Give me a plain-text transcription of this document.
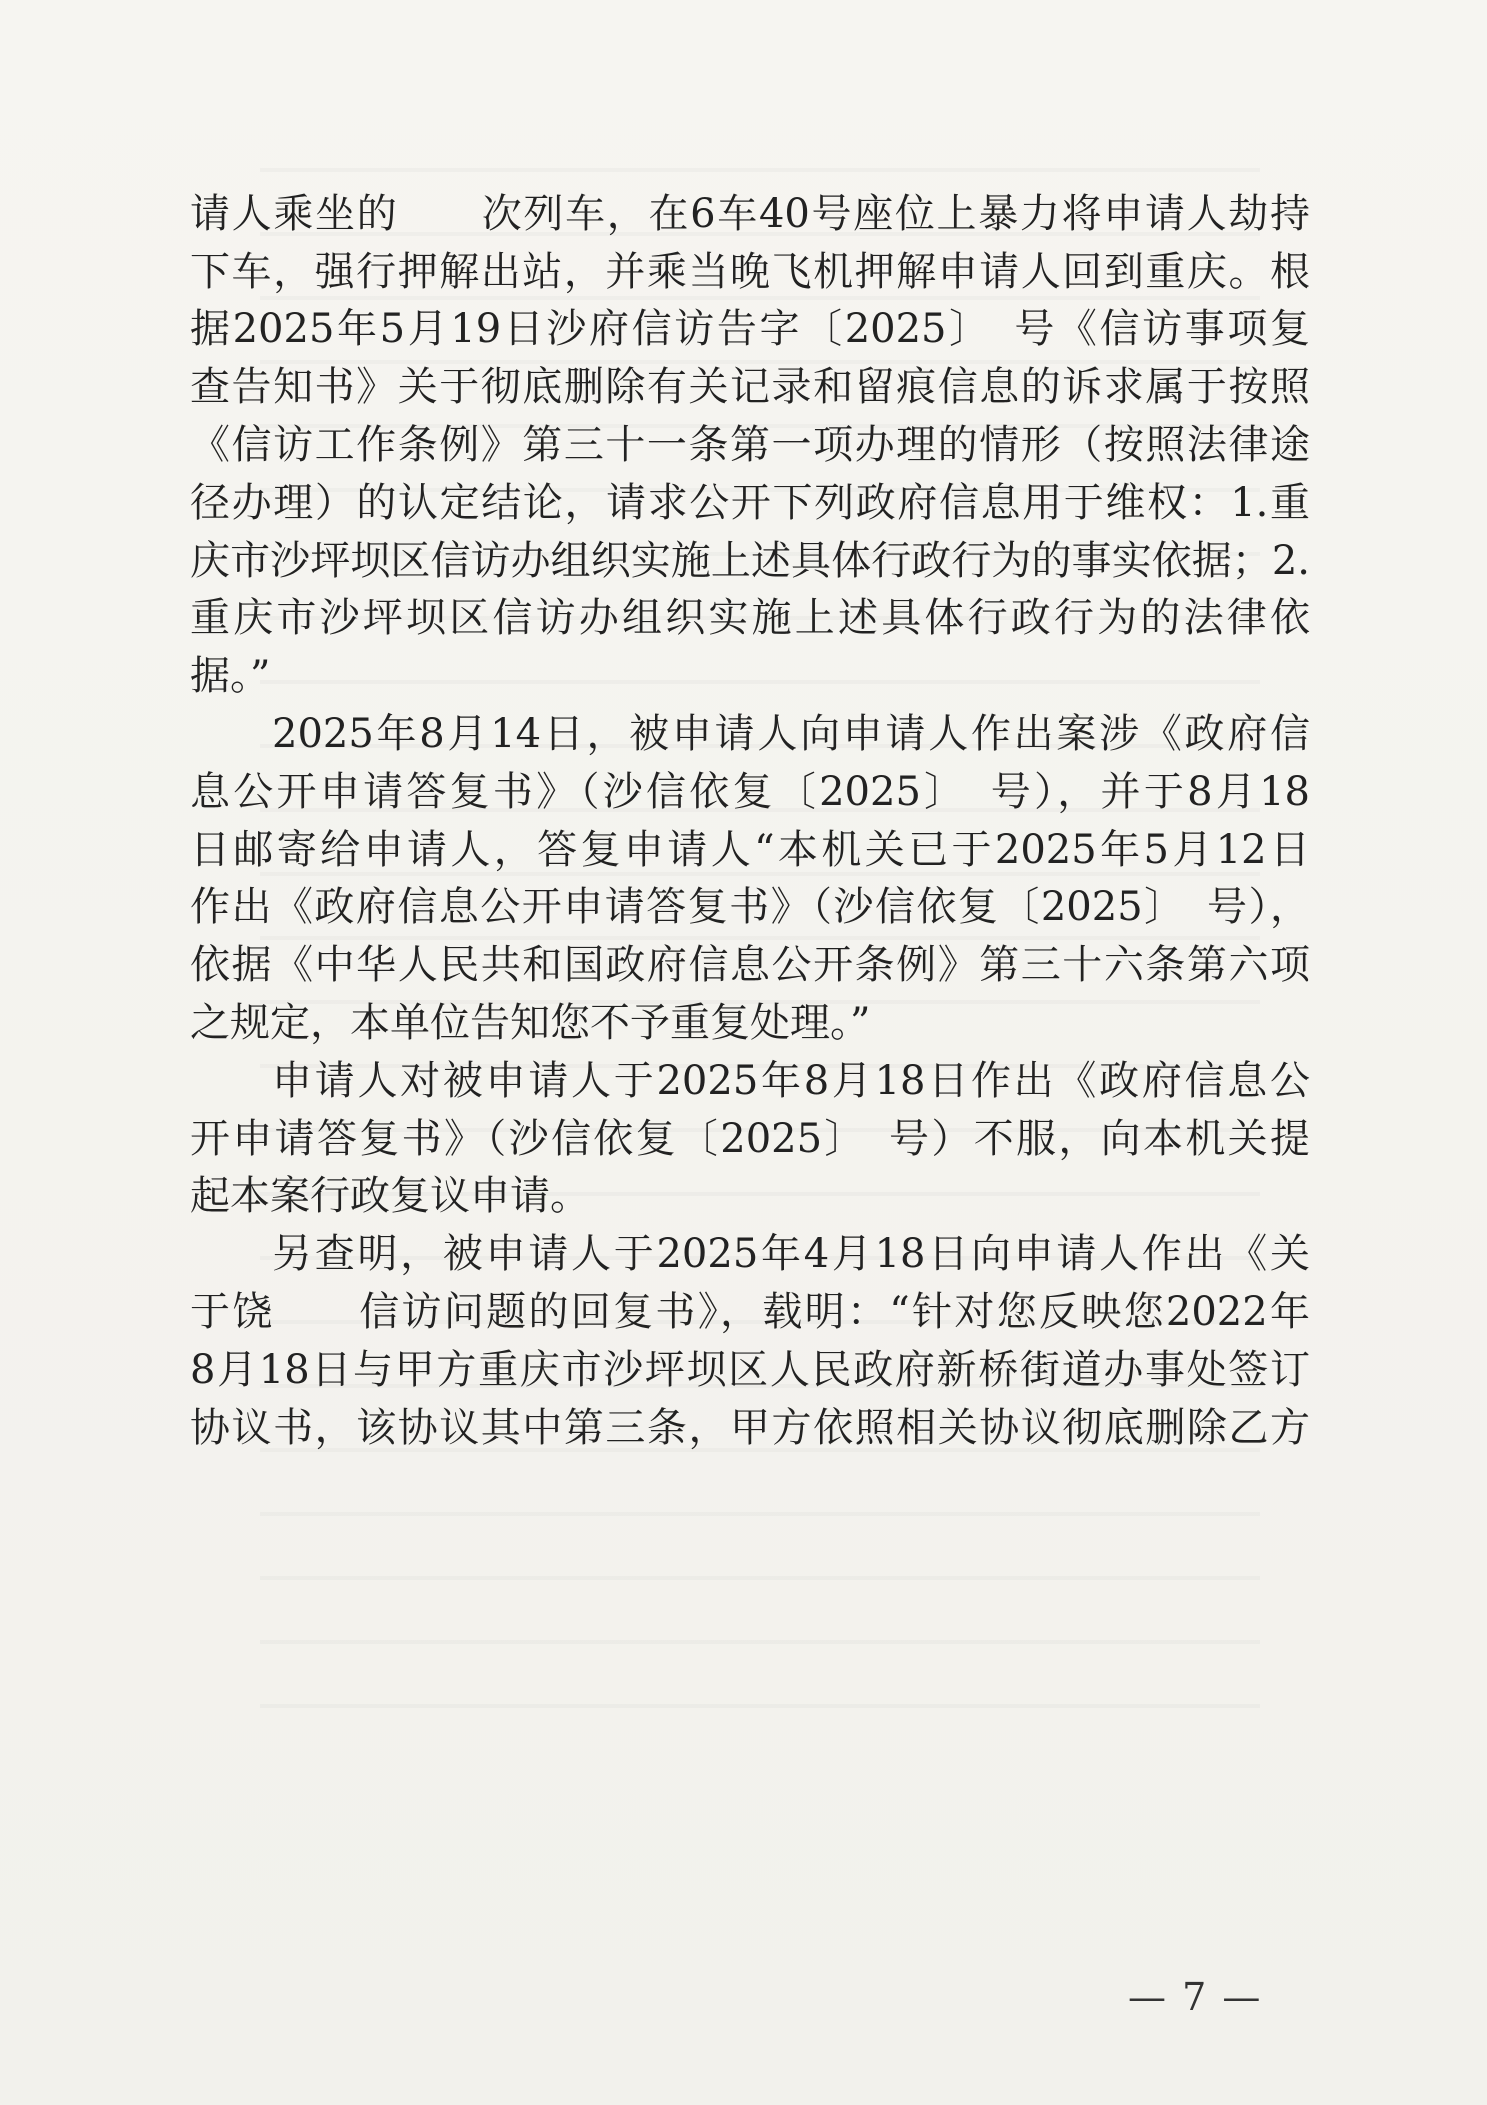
请人乘坐的　　次列车，在6车40号座位上暴力将申请人劫持
下车，强行押解出站，并乘当晚飞机押解申请人回到重庆。根
据2025年5月19日沙府信访告字〔2025〕　号《信访事项复
查告知书》关于彻底删除有关记录和留痕信息的诉求属于按照
《信访工作条例》第三十一条第一项办理的情形（按照法律途
径办理）的认定结论，请求公开下列政府信息用于维权：1.重
庆市沙坪坝区信访办组织实施上述具体行政行为的事实依据；2.
重庆市沙坪坝区信访办组织实施上述具体行政行为的法律依
据。”
2025年8月14日，被申请人向申请人作出案涉《政府信
息公开申请答复书》（沙信依复〔2025〕　号），并于8月18
日邮寄给申请人，答复申请人“本机关已于2025年5月12日
作出《政府信息公开申请答复书》（沙信依复〔2025〕　号），
依据《中华人民共和国政府信息公开条例》第三十六条第六项
之规定，本单位告知您不予重复处理。”
申请人对被申请人于2025年8月18日作出《政府信息公
开申请答复书》（沙信依复〔2025〕　号）不服，向本机关提
起本案行政复议申请。
另查明，被申请人于2025年4月18日向申请人作出《关
于饶　　信访问题的回复书》，载明：“针对您反映您2022年
8月18日与甲方重庆市沙坪坝区人民政府新桥街道办事处签订
协议书，该协议其中第三条，甲方依照相关协议彻底删除乙方
— 7 —
